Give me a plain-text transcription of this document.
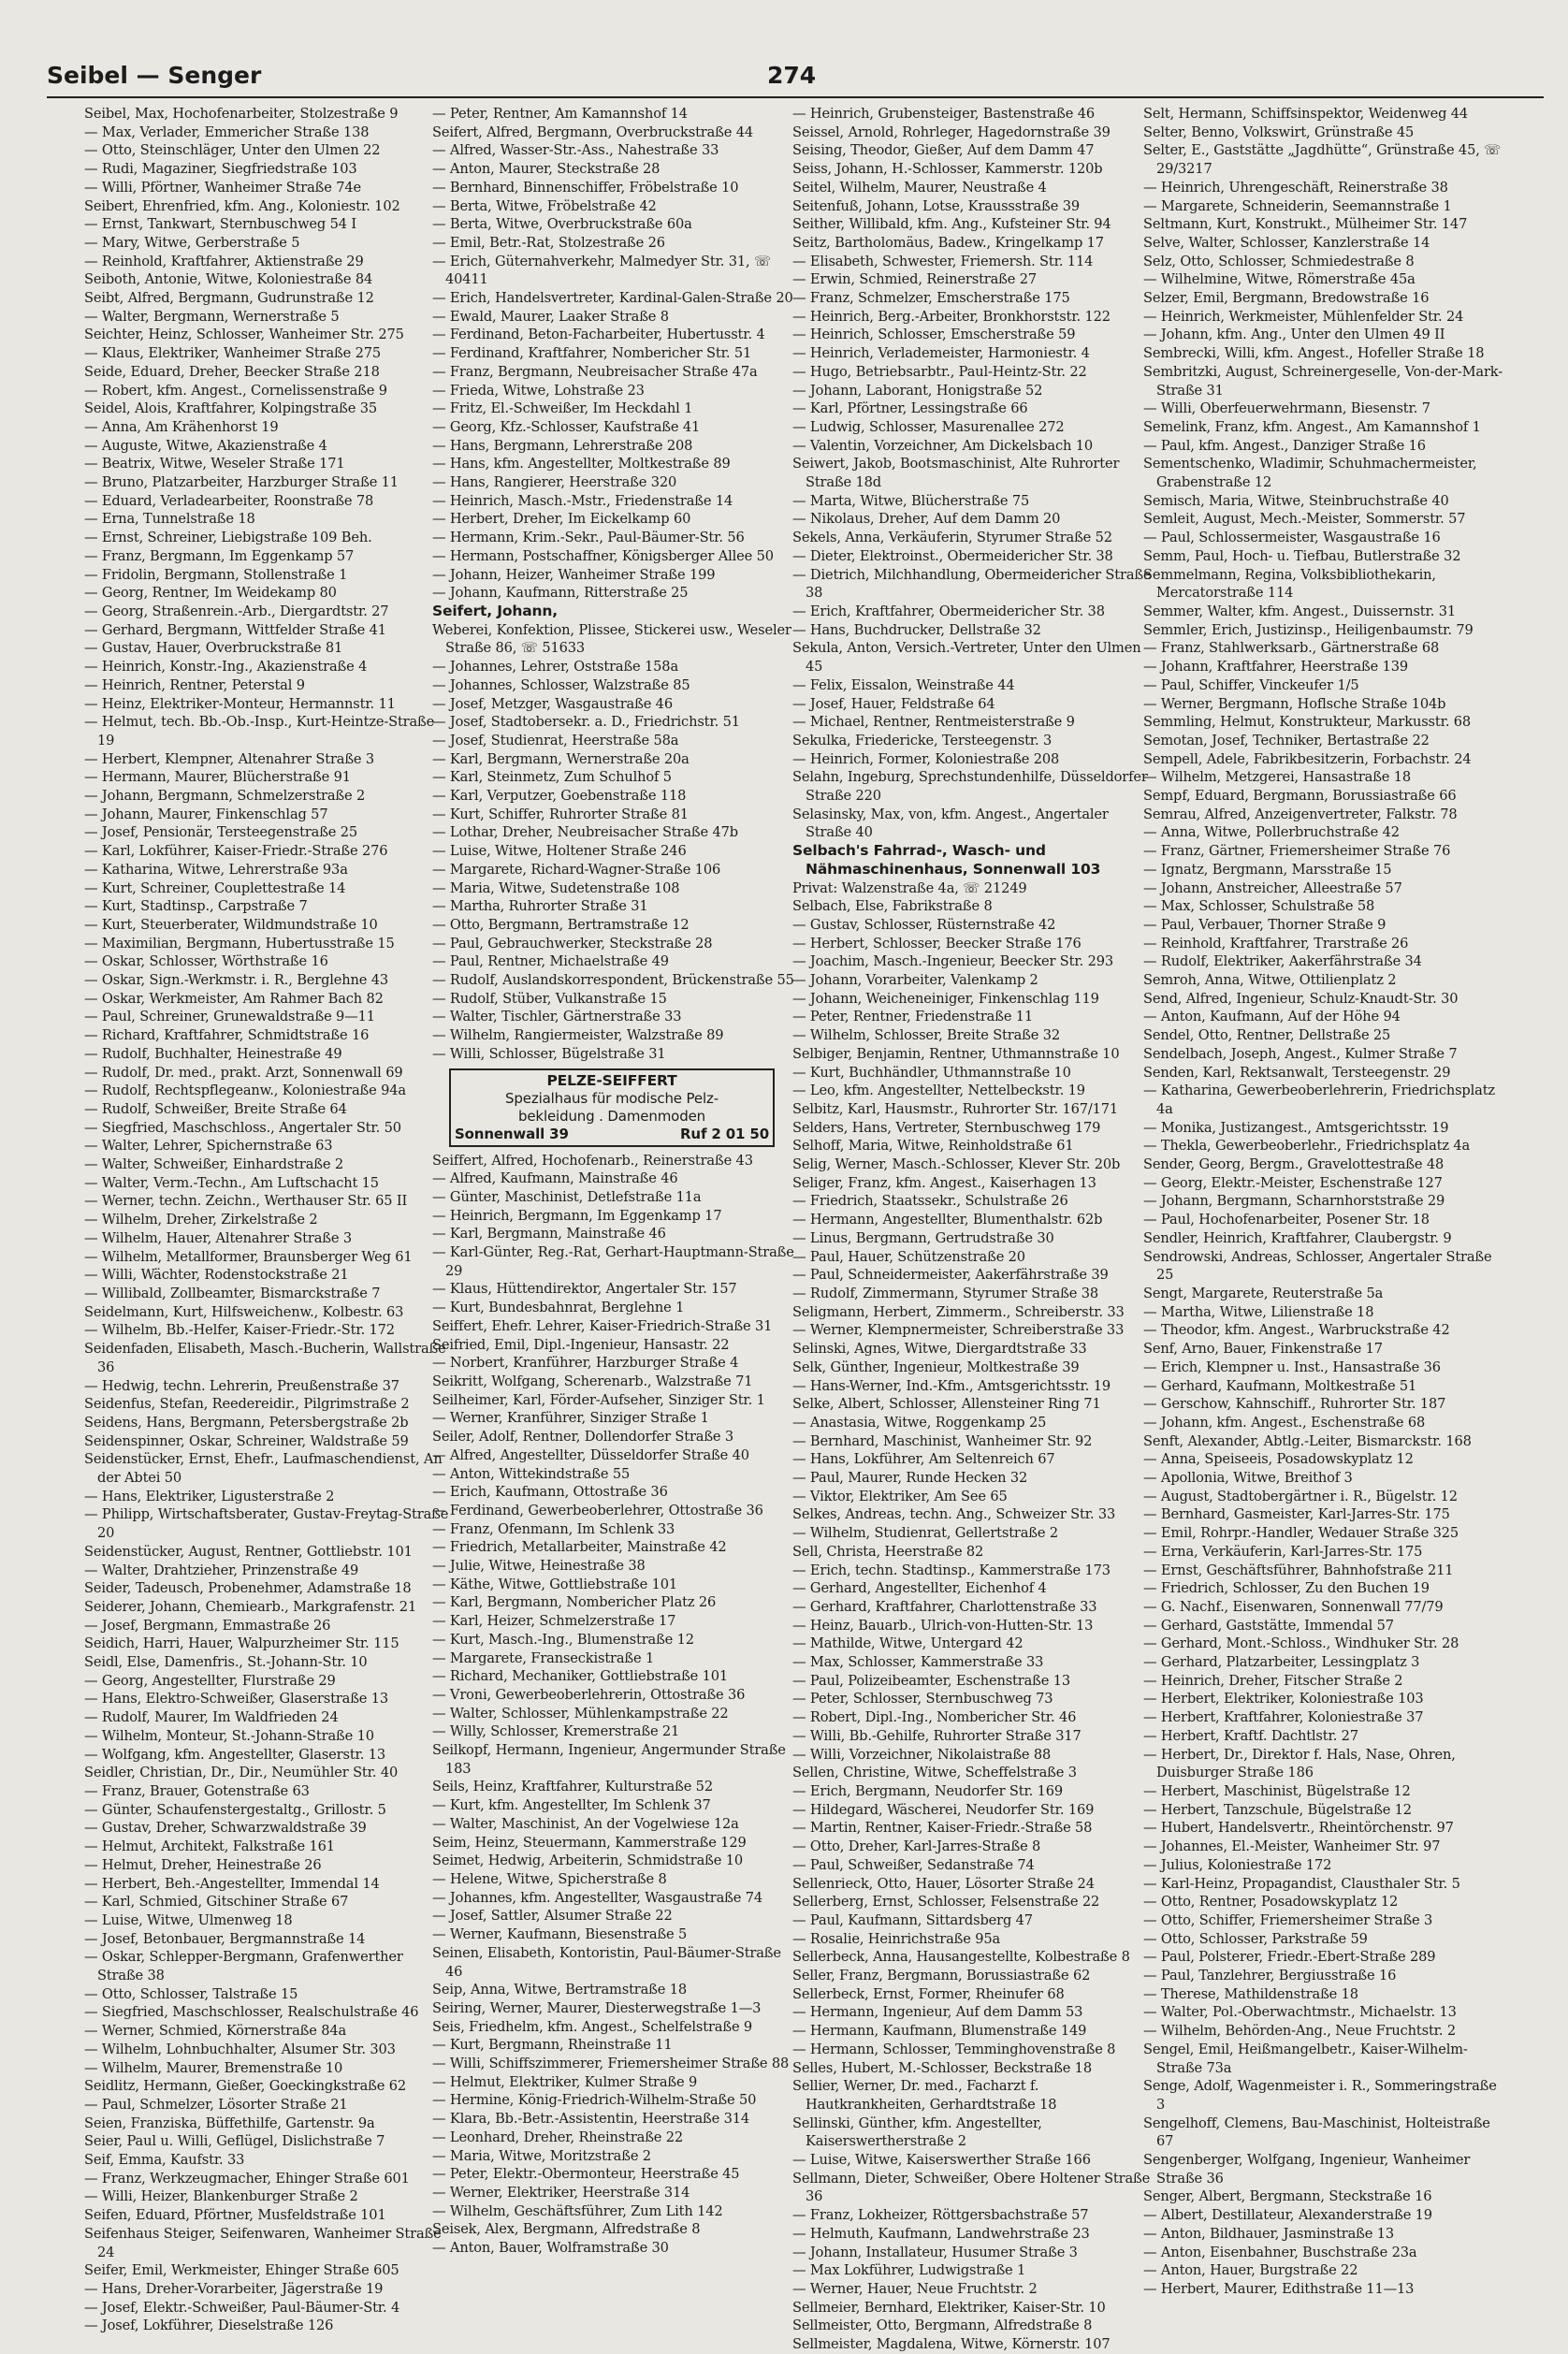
Seibel — Senger	274
Seibel, Max, Hochofenarbeiter, Stolzestraße 9
— Max, Verlader, Emmericher Straße 138
— Otto, Steinschläger, Unter den Ulmen 22
— Rudi, Magaziner, Siegfriedstraße 103
— Willi, Pförtner, Wanheimer Straße 74e
Seibert, Ehrenfried, kfm. Ang., Koloniestr. 102
— Ernst, Tankwart, Sternbuschweg 54 I
— Mary, Witwe, Gerberstraße 5
— Reinhold, Kraftfahrer, Aktienstraße 29
Seiboth, Antonie, Witwe, Koloniestraße 84
Seibt, Alfred, Bergmann, Gudrunstraße 12
— Walter, Bergmann, Wernerstraße 5
Seichter, Heinz, Schlosser, Wanheimer Str. 275
— Klaus, Elektriker, Wanheimer Straße 275
Seide, Eduard, Dreher, Beecker Straße 218
— Robert, kfm. Angest., Cornelissenstraße 9
Seidel, Alois, Kraftfahrer, Kolpingstraße 35
— Anna, Am Krähenhorst 19
— Auguste, Witwe, Akazienstraße 4
— Beatrix, Witwe, Weseler Straße 171
— Bruno, Platzarbeiter, Harzburger Straße 11
— Eduard, Verladearbeiter, Roonstraße 78
— Erna, Tunnelstraße 18
— Ernst, Schreiner, Liebigstraße 109 Beh.
— Franz, Bergmann, Im Eggenkamp 57
— Fridolin, Bergmann, Stollenstraße 1
— Georg, Rentner, Im Weidekamp 80
— Georg, Straßenrein.-Arb., Diergardtstr. 27
— Gerhard, Bergmann, Wittfelder Straße 41
— Gustav, Hauer, Overbruckstraße 81
— Heinrich, Konstr.-Ing., Akazienstraße 4
— Heinrich, Rentner, Peterstal 9
— Heinz, Elektriker-Monteur, Hermannstr. 11
— Helmut, tech. Bb.-Ob.-Insp., Kurt-Heintze-Straße 19
— Herbert, Klempner, Altenahrer Straße 3
— Hermann, Maurer, Blücherstraße 91
— Johann, Bergmann, Schmelzerstraße 2
— Johann, Maurer, Finkenschlag 57
— Josef, Pensionär, Tersteegenstraße 25
— Karl, Lokführer, Kaiser-Friedr.-Straße 276
— Katharina, Witwe, Lehrerstraße 93a
— Kurt, Schreiner, Couplettestraße 14
— Kurt, Stadtinsp., Carpstraße 7
— Kurt, Steuerberater, Wildmundstraße 10
— Maximilian, Bergmann, Hubertusstraße 15
— Oskar, Schlosser, Wörthstraße 16
— Oskar, Sign.-Werkmstr. i. R., Berglehne 43
— Oskar, Werkmeister, Am Rahmer Bach 82
— Paul, Schreiner, Grunewaldstraße 9—11
— Richard, Kraftfahrer, Schmidtstraße 16
— Rudolf, Buchhalter, Heinestraße 49
— Rudolf, Dr. med., prakt. Arzt, Sonnenwall 69
— Rudolf, Rechtspflegeanw., Koloniestraße 94a
— Rudolf, Schweißer, Breite Straße 64
— Siegfried, Maschschloss., Angertaler Str. 50
— Walter, Lehrer, Spichernstraße 63
— Walter, Schweißer, Einhardstraße 2
— Walter, Verm.-Techn., Am Luftschacht 15
— Werner, techn. Zeichn., Werthauser Str. 65 II
— Wilhelm, Dreher, Zirkelstraße 2
— Wilhelm, Hauer, Altenahrer Straße 3
— Wilhelm, Metallformer, Braunsberger Weg 61
— Willi, Wächter, Rodenstockstraße 21
— Willibald, Zollbeamter, Bismarckstraße 7
Seidelmann, Kurt, Hilfsweichenw., Kolbestr. 63
— Wilhelm, Bb.-Helfer, Kaiser-Friedr.-Str. 172
Seidenfaden, Elisabeth, Masch.-Bucherin, Wallstraße 36
— Hedwig, techn. Lehrerin, Preußenstraße 37
Seidenfus, Stefan, Reedereidir., Pilgrimstraße 2
Seidens, Hans, Bergmann, Petersbergstraße 2b
Seidenspinner, Oskar, Schreiner, Waldstraße 59
Seidenstücker, Ernst, Ehefr., Laufmaschendienst, An der Abtei 50
— Hans, Elektriker, Ligusterstraße 2
— Philipp, Wirtschaftsberater, Gustav-Freytag-Straße 20
Seidenstücker, August, Rentner, Gottliebstr. 101
— Walter, Drahtzieher, Prinzenstraße 49
Seider, Tadeusch, Probenehmer, Adamstraße 18
Seiderer, Johann, Chemiearb., Markgrafenstr. 21
— Josef, Bergmann, Emmastraße 26
Seidich, Harri, Hauer, Walpurzheimer Str. 115
Seidl, Else, Damenfris., St.-Johann-Str. 10
— Georg, Angestellter, Flurstraße 29
— Hans, Elektro-Schweißer, Glaserstraße 13
— Rudolf, Maurer, Im Waldfrieden 24
— Wilhelm, Monteur, St.-Johann-Straße 10
— Wolfgang, kfm. Angestellter, Glaserstr. 13
Seidler, Christian, Dr., Dir., Neumühler Str. 40
— Franz, Brauer, Gotenstraße 63
— Günter, Schaufenstergestaltg., Grillostr. 5
— Gustav, Dreher, Schwarzwaldstraße 39
— Helmut, Architekt, Falkstraße 161
— Helmut, Dreher, Heinestraße 26
— Herbert, Beh.-Angestellter, Immendal 14
— Karl, Schmied, Gitschiner Straße 67
— Luise, Witwe, Ulmenweg 18
— Josef, Betonbauer, Bergmannstraße 14
— Oskar, Schlepper-Bergmann, Grafenwerther Straße 38
— Otto, Schlosser, Talstraße 15
— Siegfried, Maschschlosser, Realschulstraße 46
— Werner, Schmied, Körnerstraße 84a
— Wilhelm, Lohnbuchhalter, Alsumer Str. 303
— Wilhelm, Maurer, Bremenstraße 10
Seidlitz, Hermann, Gießer, Goeckingkstraße 62
— Paul, Schmelzer, Lösorter Straße 21
Seien, Franziska, Büffethilfe, Gartenstr. 9a
Seier, Paul u. Willi, Geflügel, Dislichstraße 7
Seif, Emma, Kaufstr. 33
— Franz, Werkzeugmacher, Ehinger Straße 601
— Willi, Heizer, Blankenburger Straße 2
Seifen, Eduard, Pförtner, Musfeldstraße 101
Seifenhaus Steiger, Seifenwaren, Wanheimer Straße 24
Seifer, Emil, Werkmeister, Ehinger Straße 605
— Hans, Dreher-Vorarbeiter, Jägerstraße 19
— Josef, Elektr.-Schweißer, Paul-Bäumer-Str. 4
— Josef, Lokführer, Dieselstraße 126
— Peter, Rentner, Am Kamannshof 14
Seifert, Alfred, Bergmann, Overbruckstraße 44
— Alfred, Wasser-Str.-Ass., Nahestraße 33
— Anton, Maurer, Steckstraße 28
— Bernhard, Binnenschiffer, Fröbelstraße 10
— Berta, Witwe, Fröbelstraße 42
— Berta, Witwe, Overbruckstraße 60a
— Emil, Betr.-Rat, Stolzestraße 26
— Erich, Güternahverkehr, Malmedyer Str. 31, ☏ 40411
— Erich, Handelsvertreter, Kardinal-Galen-Straße 20
— Ewald, Maurer, Laaker Straße 8
— Ferdinand, Beton-Facharbeiter, Hubertusstr. 4
— Ferdinand, Kraftfahrer, Nombericher Str. 51
— Franz, Bergmann, Neubreisacher Straße 47a
— Frieda, Witwe, Lohstraße 23
— Fritz, El.-Schweißer, Im Heckdahl 1
— Georg, Kfz.-Schlosser, Kaufstraße 41
— Hans, Bergmann, Lehrerstraße 208
— Hans, kfm. Angestellter, Moltkestraße 89
— Hans, Rangierer, Heerstraße 320
— Heinrich, Masch.-Mstr., Friedenstraße 14
— Herbert, Dreher, Im Eickelkamp 60
— Hermann, Krim.-Sekr., Paul-Bäumer-Str. 56
— Hermann, Postschaffner, Königsberger Allee 50
— Johann, Heizer, Wanheimer Straße 199
— Johann, Kaufmann, Ritterstraße 25
Seifert, Johann,
Weberei, Konfektion, Plissee, Stickerei usw., Weseler Straße 86, ☏ 51633
— Johannes, Lehrer, Oststraße 158a
— Johannes, Schlosser, Walzstraße 85
— Josef, Metzger, Wasgaustraße 46
— Josef, Stadtobersekr. a. D., Friedrichstr. 51
— Josef, Studienrat, Heerstraße 58a
— Karl, Bergmann, Wernerstraße 20a
— Karl, Steinmetz, Zum Schulhof 5
— Karl, Verputzer, Goebenstraße 118
— Kurt, Schiffer, Ruhrorter Straße 81
— Lothar, Dreher, Neubreisacher Straße 47b
— Luise, Witwe, Holtener Straße 246
— Margarete, Richard-Wagner-Straße 106
— Maria, Witwe, Sudetenstraße 108
— Martha, Ruhrorter Straße 31
— Otto, Bergmann, Bertramstraße 12
— Paul, Gebrauchwerker, Steckstraße 28
— Paul, Rentner, Michaelstraße 49
— Rudolf, Auslandskorrespondent, Brückenstraße 55
— Rudolf, Stüber, Vulkanstraße 15
— Walter, Tischler, Gärtnerstraße 33
— Wilhelm, Rangiermeister, Walzstraße 89
— Willi, Schlosser, Bügelstraße 31
PELZE-SEIFFERT
Spezialhaus für modische Pelz-
bekleidung . Damenmoden
Sonnenwall 39	Ruf 2 01 50
Seiffert, Alfred, Hochofenarb., Reinerstraße 43
— Alfred, Kaufmann, Mainstraße 46
— Günter, Maschinist, Detlefstraße 11a
— Heinrich, Bergmann, Im Eggenkamp 17
— Karl, Bergmann, Mainstraße 46
— Karl-Günter, Reg.-Rat, Gerhart-Hauptmann-Straße 29
— Klaus, Hüttendirektor, Angertaler Str. 157
— Kurt, Bundesbahnrat, Berglehne 1
Seiffert, Ehefr. Lehrer, Kaiser-Friedrich-Straße 31
Seifried, Emil, Dipl.-Ingenieur, Hansastr. 22
— Norbert, Kranführer, Harzburger Straße 4
Seikritt, Wolfgang, Scherenarb., Walzstraße 71
Seilheimer, Karl, Förder-Aufseher, Sinziger Str. 1
— Werner, Kranführer, Sinziger Straße 1
Seiler, Adolf, Rentner, Dollendorfer Straße 3
— Alfred, Angestellter, Düsseldorfer Straße 40
— Anton, Wittekindstraße 55
— Erich, Kaufmann, Ottostraße 36
— Ferdinand, Gewerbeoberlehrer, Ottostraße 36
— Franz, Ofenmann, Im Schlenk 33
— Friedrich, Metallarbeiter, Mainstraße 42
— Julie, Witwe, Heinestraße 38
— Käthe, Witwe, Gottliebstraße 101
— Karl, Bergmann, Nombericher Platz 26
— Karl, Heizer, Schmelzerstraße 17
— Kurt, Masch.-Ing., Blumenstraße 12
— Margarete, Franseckistraße 1
— Richard, Mechaniker, Gottliebstraße 101
— Vroni, Gewerbeoberlehrerin, Ottostraße 36
— Walter, Schlosser, Mühlenkampstraße 22
— Willy, Schlosser, Kremerstraße 21
Seilkopf, Hermann, Ingenieur, Angermunder Straße 183
Seils, Heinz, Kraftfahrer, Kulturstraße 52
— Kurt, kfm. Angestellter, Im Schlenk 37
— Walter, Maschinist, An der Vogelwiese 12a
Seim, Heinz, Steuermann, Kammerstraße 129
Seimet, Hedwig, Arbeiterin, Schmidstraße 10
— Helene, Witwe, Spicherstraße 8
— Johannes, kfm. Angestellter, Wasgaustraße 74
— Josef, Sattler, Alsumer Straße 22
— Werner, Kaufmann, Biesenstraße 5
Seinen, Elisabeth, Kontoristin, Paul-Bäumer-Straße 46
Seip, Anna, Witwe, Bertramstraße 18
Seiring, Werner, Maurer, Diesterwegstraße 1—3
Seis, Friedhelm, kfm. Angest., Schelfelstraße 9
— Kurt, Bergmann, Rheinstraße 11
— Willi, Schiffszimmerer, Friemersheimer Straße 88
— Helmut, Elektriker, Kulmer Straße 9
— Hermine, König-Friedrich-Wilhelm-Straße 50
— Klara, Bb.-Betr.-Assistentin, Heerstraße 314
— Leonhard, Dreher, Rheinstraße 22
— Maria, Witwe, Moritzstraße 2
— Peter, Elektr.-Obermonteur, Heerstraße 45
— Werner, Elektriker, Heerstraße 314
— Wilhelm, Geschäftsführer, Zum Lith 142
Seisek, Alex, Bergmann, Alfredstraße 8
— Anton, Bauer, Wolframstraße 30
— Heinrich, Grubensteiger, Bastenstraße 46
Seissel, Arnold, Rohrleger, Hagedornstraße 39
Seising, Theodor, Gießer, Auf dem Damm 47
Seiss, Johann, H.-Schlosser, Kammerstr. 120b
Seitel, Wilhelm, Maurer, Neustraße 4
Seitenfuß, Johann, Lotse, Kraussstraße 39
Seither, Willibald, kfm. Ang., Kufsteiner Str. 94
Seitz, Bartholomäus, Badew., Kringelkamp 17
— Elisabeth, Schwester, Friemersh. Str. 114
— Erwin, Schmied, Reinerstraße 27
— Franz, Schmelzer, Emscherstraße 175
— Heinrich, Berg.-Arbeiter, Bronkhorststr. 122
— Heinrich, Schlosser, Emscherstraße 59
— Heinrich, Verlademeister, Harmoniestr. 4
— Hugo, Betriebsarbtr., Paul-Heintz-Str. 22
— Johann, Laborant, Honigstraße 52
— Karl, Pförtner, Lessingstraße 66
— Ludwig, Schlosser, Masurenallee 272
— Valentin, Vorzeichner, Am Dickelsbach 10
Seiwert, Jakob, Bootsmaschinist, Alte Ruhrorter Straße 18d
— Marta, Witwe, Blücherstraße 75
— Nikolaus, Dreher, Auf dem Damm 20
Sekels, Anna, Verkäuferin, Styrumer Straße 52
— Dieter, Elektroinst., Obermeidericher Str. 38
— Dietrich, Milchhandlung, Obermeidericher Straße 38
— Erich, Kraftfahrer, Obermeidericher Str. 38
— Hans, Buchdrucker, Dellstraße 32
Sekula, Anton, Versich.-Vertreter, Unter den Ulmen 45
— Felix, Eissalon, Weinstraße 44
— Josef, Hauer, Feldstraße 64
— Michael, Rentner, Rentmeisterstraße 9
Sekulka, Friedericke, Tersteegenstr. 3
— Heinrich, Former, Koloniestraße 208
Selahn, Ingeburg, Sprechstundenhilfe, Düsseldorfer Straße 220
Selasinsky, Max, von, kfm. Angest., Angertaler Straße 40
Selbach's Fahrrad-, Wasch- und Nähmaschinenhaus, Sonnenwall 103
Privat: Walzenstraße 4a, ☏ 21249
Selbach, Else, Fabrikstraße 8
— Gustav, Schlosser, Rüsternstraße 42
— Herbert, Schlosser, Beecker Straße 176
— Joachim, Masch.-Ingenieur, Beecker Str. 293
— Johann, Vorarbeiter, Valenkamp 2
— Johann, Weicheneiniger, Finkenschlag 119
— Peter, Rentner, Friedenstraße 11
— Wilhelm, Schlosser, Breite Straße 32
Selbiger, Benjamin, Rentner, Uthmannstraße 10
— Kurt, Buchhändler, Uthmannstraße 10
— Leo, kfm. Angestellter, Nettelbeckstr. 19
Selbitz, Karl, Hausmstr., Ruhrorter Str. 167/171
Selders, Hans, Vertreter, Sternbuschweg 179
Selhoff, Maria, Witwe, Reinholdstraße 61
Selig, Werner, Masch.-Schlosser, Klever Str. 20b
Seliger, Franz, kfm. Angest., Kaiserhagen 13
— Friedrich, Staatssekr., Schulstraße 26
— Hermann, Angestellter, Blumenthalstr. 62b
— Linus, Bergmann, Gertrudstraße 30
— Paul, Hauer, Schützenstraße 20
— Paul, Schneidermeister, Aakerfährstraße 39
— Rudolf, Zimmermann, Styrumer Straße 38
Seligmann, Herbert, Zimmerm., Schreiberstr. 33
— Werner, Klempnermeister, Schreiberstraße 33
Selinski, Agnes, Witwe, Diergardtstraße 33
Selk, Günther, Ingenieur, Moltkestraße 39
— Hans-Werner, Ind.-Kfm., Amtsgerichtsstr. 19
Selke, Albert, Schlosser, Allensteiner Ring 71
— Anastasia, Witwe, Roggenkamp 25
— Bernhard, Maschinist, Wanheimer Str. 92
— Hans, Lokführer, Am Seltenreich 67
— Paul, Maurer, Runde Hecken 32
— Viktor, Elektriker, Am See 65
Selkes, Andreas, techn. Ang., Schweizer Str. 33
— Wilhelm, Studienrat, Gellertstraße 2
Sell, Christa, Heerstraße 82
— Erich, techn. Stadtinsp., Kammerstraße 173
— Gerhard, Angestellter, Eichenhof 4
— Gerhard, Kraftfahrer, Charlottenstraße 33
— Heinz, Bauarb., Ulrich-von-Hutten-Str. 13
— Mathilde, Witwe, Untergard 42
— Max, Schlosser, Kammerstraße 33
— Paul, Polizeibeamter, Eschenstraße 13
— Peter, Schlosser, Sternbuschweg 73
— Robert, Dipl.-Ing., Nombericher Str. 46
— Willi, Bb.-Gehilfe, Ruhrorter Straße 317
— Willi, Vorzeichner, Nikolaistraße 88
Sellen, Christine, Witwe, Scheffelstraße 3
— Erich, Bergmann, Neudorfer Str. 169
— Hildegard, Wäscherei, Neudorfer Str. 169
— Martin, Rentner, Kaiser-Friedr.-Straße 58
— Otto, Dreher, Karl-Jarres-Straße 8
— Paul, Schweißer, Sedanstraße 74
Sellenrieck, Otto, Hauer, Lösorter Straße 24
Sellerberg, Ernst, Schlosser, Felsenstraße 22
— Paul, Kaufmann, Sittardsberg 47
— Rosalie, Heinrichstraße 95a
Sellerbeck, Anna, Hausangestellte, Kolbestraße 8
Seller, Franz, Bergmann, Borussiastraße 62
Sellerbeck, Ernst, Former, Rheinufer 68
— Hermann, Ingenieur, Auf dem Damm 53
— Hermann, Kaufmann, Blumenstraße 149
— Hermann, Schlosser, Temminghovenstraße 8
Selles, Hubert, M.-Schlosser, Beckstraße 18
Sellier, Werner, Dr. med., Facharzt f. Hautkrankheiten, Gerhardtstraße 18
Sellinski, Günther, kfm. Angestellter, Kaiserswertherstraße 2
— Luise, Witwe, Kaiserswerther Straße 166
Sellmann, Dieter, Schweißer, Obere Holtener Straße 36
— Franz, Lokheizer, Röttgersbachstraße 57
— Helmuth, Kaufmann, Landwehrstraße 23
— Johann, Installateur, Husumer Straße 3
— Max Lokführer, Ludwigstraße 1
— Werner, Hauer, Neue Fruchtstr. 2
Sellmeier, Bernhard, Elektriker, Kaiser-Str. 10
Sellmeister, Otto, Bergmann, Alfredstraße 8
Sellmeister, Magdalena, Witwe, Körnerstr. 107
Selt, Hermann, Schiffsinspektor, Weidenweg 44
Selter, Benno, Volkswirt, Grünstraße 45
Selter, E., Gaststätte „Jagdhütte“, Grünstraße 45, ☏ 29/3217
— Heinrich, Uhrengeschäft, Reinerstraße 38
— Margarete, Schneiderin, Seemannstraße 1
Seltmann, Kurt, Konstrukt., Mülheimer Str. 147
Selve, Walter, Schlosser, Kanzlerstraße 14
Selz, Otto, Schlosser, Schmiedestraße 8
— Wilhelmine, Witwe, Römerstraße 45a
Selzer, Emil, Bergmann, Bredowstraße 16
— Heinrich, Werkmeister, Mühlenfelder Str. 24
— Johann, kfm. Ang., Unter den Ulmen 49 II
Sembrecki, Willi, kfm. Angest., Hofeller Straße 18
Sembritzki, August, Schreinergeselle, Von-der-Mark-Straße 31
— Willi, Oberfeuerwehrmann, Biesenstr. 7
Semelink, Franz, kfm. Angest., Am Kamannshof 1
— Paul, kfm. Angest., Danziger Straße 16
Sementschenko, Wladimir, Schuhmachermeister, Grabenstraße 12
Semisch, Maria, Witwe, Steinbruchstraße 40
Semleit, August, Mech.-Meister, Sommerstr. 57
— Paul, Schlossermeister, Wasgaustraße 16
Semm, Paul, Hoch- u. Tiefbau, Butlerstraße 32
Semmelmann, Regina, Volksbibliothekarin, Mercatorstraße 114
Semmer, Walter, kfm. Angest., Duissernstr. 31
Semmler, Erich, Justizinsp., Heiligenbaumstr. 79
— Franz, Stahlwerksarb., Gärtnerstraße 68
— Johann, Kraftfahrer, Heerstraße 139
— Paul, Schiffer, Vinckeufer 1/5
— Werner, Bergmann, Hoflsche Straße 104b
Semmling, Helmut, Konstrukteur, Markusstr. 68
Semotan, Josef, Techniker, Bertastraße 22
Sempell, Adele, Fabrikbesitzerin, Forbachstr. 24
— Wilhelm, Metzgerei, Hansastraße 18
Sempf, Eduard, Bergmann, Borussiastraße 66
Semrau, Alfred, Anzeigenvertreter, Falkstr. 78
— Anna, Witwe, Pollerbruchstraße 42
— Franz, Gärtner, Friemersheimer Straße 76
— Ignatz, Bergmann, Marsstraße 15
— Johann, Anstreicher, Alleestraße 57
— Max, Schlosser, Schulstraße 58
— Paul, Verbauer, Thorner Straße 9
— Reinhold, Kraftfahrer, Trarstraße 26
— Rudolf, Elektriker, Aakerfährstraße 34
Semroh, Anna, Witwe, Ottilienplatz 2
Send, Alfred, Ingenieur, Schulz-Knaudt-Str. 30
— Anton, Kaufmann, Auf der Höhe 94
Sendel, Otto, Rentner, Dellstraße 25
Sendelbach, Joseph, Angest., Kulmer Straße 7
Senden, Karl, Rektsanwalt, Tersteegenstr. 29
— Katharina, Gewerbeoberlehrerin, Friedrichsplatz 4a
— Monika, Justizangest., Amtsgerichtsstr. 19
— Thekla, Gewerbeoberlehr., Friedrichsplatz 4a
Sender, Georg, Bergm., Gravelottestraße 48
— Georg, Elektr.-Meister, Eschenstraße 127
— Johann, Bergmann, Scharnhorststraße 29
— Paul, Hochofenarbeiter, Posener Str. 18
Sendler, Heinrich, Kraftfahrer, Claubergstr. 9
Sendrowski, Andreas, Schlosser, Angertaler Straße 25
Sengt, Margarete, Reuterstraße 5a
— Martha, Witwe, Lilienstraße 18
— Theodor, kfm. Angest., Warbruckstraße 42
Senf, Arno, Bauer, Finkenstraße 17
— Erich, Klempner u. Inst., Hansastraße 36
— Gerhard, Kaufmann, Moltkestraße 51
— Gerschow, Kahnschiff., Ruhrorter Str. 187
— Johann, kfm. Angest., Eschenstraße 68
Senft, Alexander, Abtlg.-Leiter, Bismarckstr. 168
— Anna, Speiseeis, Posadowskyplatz 12
— Apollonia, Witwe, Breithof 3
— August, Stadtobergärtner i. R., Bügelstr. 12
— Bernhard, Gasmeister, Karl-Jarres-Str. 175
— Emil, Rohrpr.-Handler, Wedauer Straße 325
— Erna, Verkäuferin, Karl-Jarres-Str. 175
— Ernst, Geschäftsführer, Bahnhofstraße 211
— Friedrich, Schlosser, Zu den Buchen 19
— G. Nachf., Eisenwaren, Sonnenwall 77/79
— Gerhard, Gaststätte, Immendal 57
— Gerhard, Mont.-Schloss., Windhuker Str. 28
— Gerhard, Platzarbeiter, Lessingplatz 3
— Heinrich, Dreher, Fitscher Straße 2
— Herbert, Elektriker, Koloniestraße 103
— Herbert, Kraftfahrer, Koloniestraße 37
— Herbert, Kraftf. Dachtlstr. 27
— Herbert, Dr., Direktor f. Hals, Nase, Ohren, Duisburger Straße 186
— Herbert, Maschinist, Bügelstraße 12
— Herbert, Tanzschule, Bügelstraße 12
— Hubert, Handelsvertr., Rheintörchenstr. 97
— Johannes, El.-Meister, Wanheimer Str. 97
— Julius, Koloniestraße 172
— Karl-Heinz, Propagandist, Clausthaler Str. 5
— Otto, Rentner, Posadowskyplatz 12
— Otto, Schiffer, Friemersheimer Straße 3
— Otto, Schlosser, Parkstraße 59
— Paul, Polsterer, Friedr.-Ebert-Straße 289
— Paul, Tanzlehrer, Bergiusstraße 16
— Therese, Mathildenstraße 18
— Walter, Pol.-Oberwachtmstr., Michaelstr. 13
— Wilhelm, Behörden-Ang., Neue Fruchtstr. 2
Sengel, Emil, Heißmangelbetr., Kaiser-Wilhelm-Straße 73a
Senge, Adolf, Wagenmeister i. R., Sommeringstraße 3
Sengelhoff, Clemens, Bau-Maschinist, Holteistraße 67
Sengenberger, Wolfgang, Ingenieur, Wanheimer Straße 36
Senger, Albert, Bergmann, Steckstraße 16
— Albert, Destillateur, Alexanderstraße 19
— Anton, Bildhauer, Jasminstraße 13
— Anton, Eisenbahner, Buschstraße 23a
— Anton, Hauer, Burgstraße 22
— Herbert, Maurer, Edithstraße 11—13
